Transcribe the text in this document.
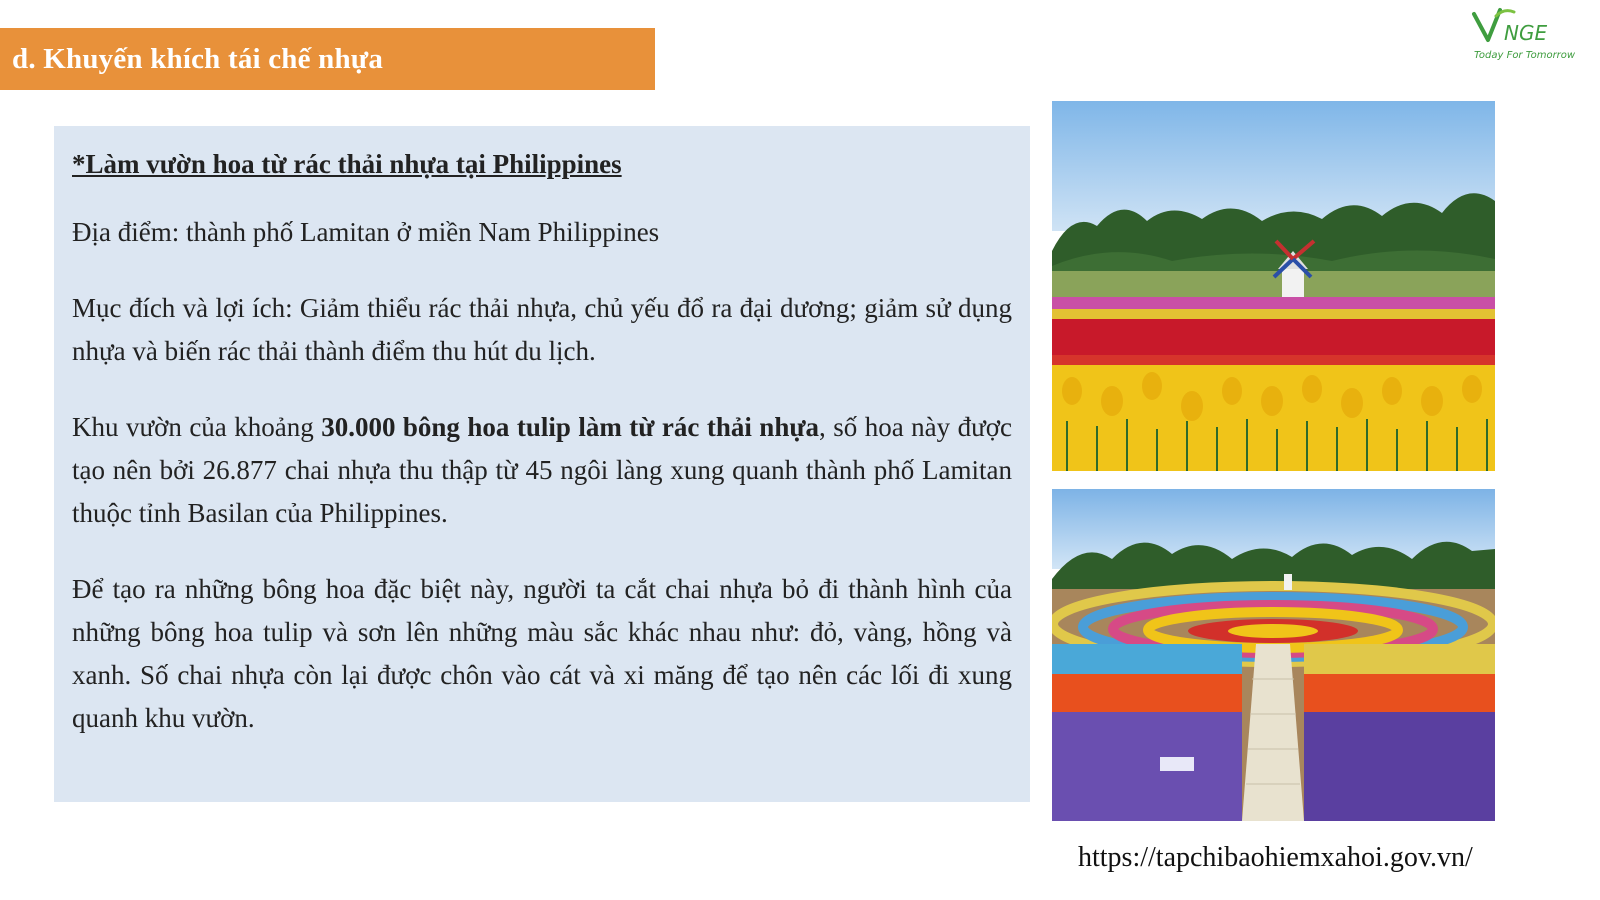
d. Khuyến khích tái chế nhựa
NGE
Today For Tomorrow

*Làm vườn hoa từ rác thải nhựa tại Philippines

Địa điểm: thành phố Lamitan ở miền Nam Philippines

Mục đích và lợi ích: Giảm thiểu rác thải nhựa, chủ yếu đổ ra đại dương; giảm sử dụng nhựa và biến rác thải thành điểm thu hút du lịch.

Khu vườn của khoảng 30.000 bông hoa tulip làm từ rác thải nhựa, số hoa này được tạo nên bởi 26.877 chai nhựa thu thập từ 45 ngôi làng xung quanh thành phố Lamitan thuộc tỉnh Basilan của Philippines.

Để tạo ra những bông hoa đặc biệt này, người ta cắt chai nhựa bỏ đi thành hình của những bông hoa tulip và sơn lên những màu sắc khác nhau như: đỏ, vàng, hồng và xanh. Số chai nhựa còn lại được chôn vào cát và xi măng để tạo nên các lối đi xung quanh khu vườn.

https://tapchibaohiemxahoi.gov.vn/
